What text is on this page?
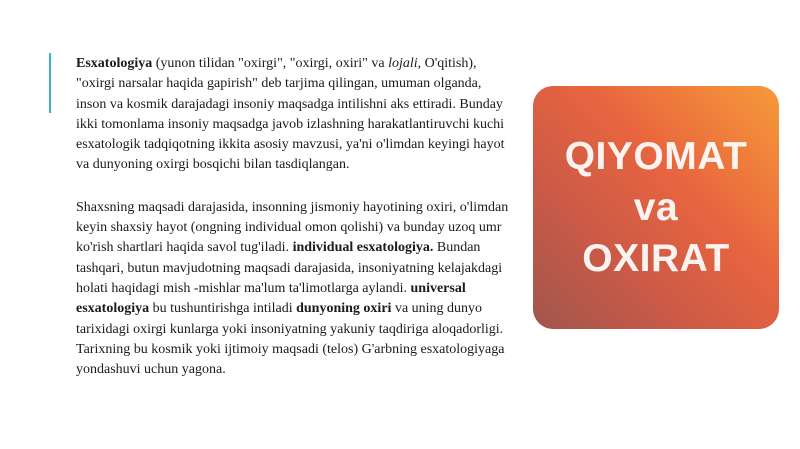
Esxatologiya (yunon tilidan "oxirgi", "oxirgi, oxiri" va lojali, O'qitish), "oxirgi narsalar haqida gapirish" deb tarjima qilingan, umuman olganda, inson va kosmik darajadagi insoniy maqsadga intilishni aks ettiradi. Bunday ikki tomonlama insoniy maqsadga javob izlashning harakatlantiruvchi kuchi esxatologik tadqiqotning ikkita asosiy mavzusi, ya'ni o'limdan keyingi hayot va dunyoning oxirgi bosqichi bilan tasdiqlangan.

Shaxsning maqsadi darajasida, insonning jismoniy hayotining oxiri, o'limdan keyin shaxsiy hayot (ongning individual omon qolishi) va bunday uzoq umr ko'rish shartlari haqida savol tug'iladi. individual esxatologiya. Bundan tashqari, butun mavjudotning maqsadi darajasida, insoniyatning kelajakdagi holati haqidagi mish -mishlar ma'lum ta'limotlarga aylandi. universal esxatologiya bu tushuntirishga intiladi dunyoning oxiri va uning dunyo tarixidagi oxirgi kunlarga yoki insoniyatning yakuniy taqdiriga aloqadorligi. Tarixning bu kosmik yoki ijtimoiy maqsadi (telos) G'arbning esxatologiyaga yondashuvi uchun yagona.

QIYOMAT
va
OXIRAT
